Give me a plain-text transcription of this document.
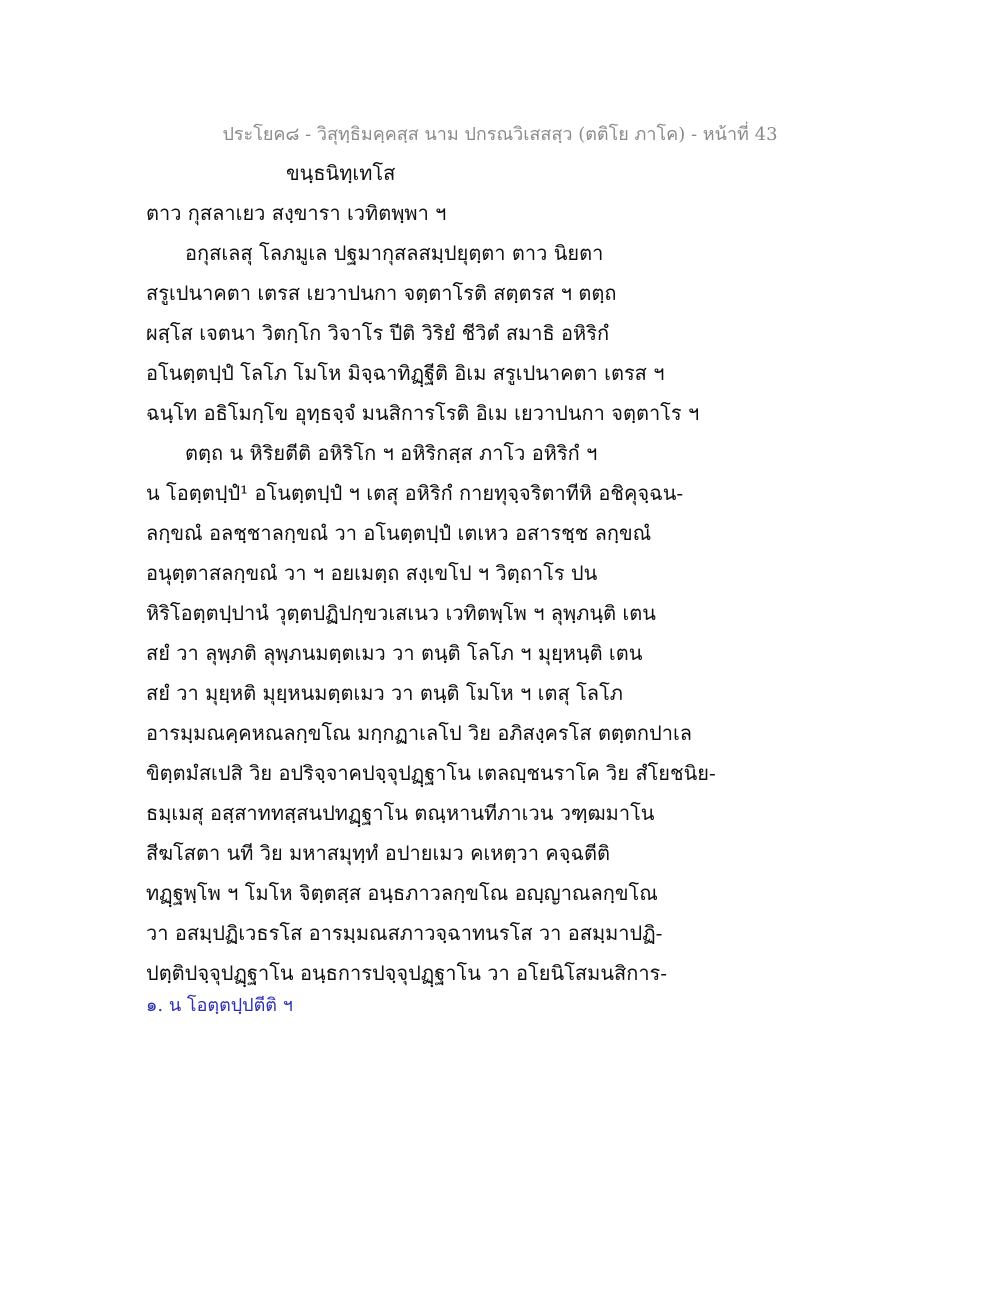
ประโยค๘ - วิสุทฺธิมคฺคสฺส นาม ปกรณวิเสสสฺว (ตติโย ภาโค) - หน้าที่ 43
ขนฺธนิทฺเทโส
ตาว กุสลาเยว สงฺขารา เวทิตพฺพา ฯ
อกุสเลสุ โลภมูเล ปฐมากุสลสมฺปยุตฺตา ตาว นิยตา
สรูเปนาคตา เตรส เยวาปนกา จตฺตาโรติ สตฺตรส ฯ ตตฺถ
ผสฺโส เจตนา วิตกฺโก วิจาโร ปีติ วิริยํ ชีวิตํ สมาธิ อหิริกํ
อโนตฺตปฺปํ โลโภ โมโห มิจฺฉาทิฏฺฐีติ อิเม สรูเปนาคตา เตรส ฯ
ฉนฺโท อธิโมกฺโข อุทฺธจฺจํ มนสิการโรติ อิเม เยวาปนกา จตฺตาโร ฯ
ตตฺถ น หิริยตีติ อหิริโก ฯ อหิริกสฺส ภาโว อหิริกํ ฯ
น โอตฺตปฺปํ¹ อโนตฺตปฺปํ ฯ เตสุ อหิริกํ กายทุจฺจริตาทีหิ อชิคุจฺฉน-
ลกฺขณํ อลชฺชาลกฺขณํ วา อโนตฺตปฺปํ เตเหว อสารชฺช ลกฺขณํ
อนุตฺตาสลกฺขณํ วา ฯ อยเมตฺถ สงฺเขโป ฯ วิตฺถาโร ปน
หิริโอตฺตปฺปานํ วุตฺตปฏิปกฺขวเสเนว เวทิตพฺโพ ฯ ลุพฺภนฺติ เตน
สยํ วา ลุพฺภติ ลุพฺภนมตฺตเมว วา ตนฺติ โลโภ ฯ มุยฺหนฺติ เตน
สยํ วา มุยฺหติ มุยฺหนมตฺตเมว วา ตนฺติ โมโห ฯ เตสุ โลโภ
อารมฺมณคฺคหณลกฺขโณ มกฺกฏาเลโป วิย อภิสงฺครโส ตตฺตกปาเล
ขิตฺตมํสเปสิ วิย อปริจฺจาคปจฺจุปฏฺฐาโน เตลญฺชนราโค วิย สํโยชนิย-
ธมฺเมสุ อสฺสาททสฺสนปทฏฺฐาโน ตณฺหานทีภาเวน วฑฺฒมาโน
สีฆโสตา นที วิย มหาสมุทฺทํ อปายเมว คเหตฺวา คจฺฉตีติ
ทฏฺฐพฺโพ ฯ โมโห จิตฺตสฺส อนฺธภาวลกฺขโณ อญฺญาณลกฺขโณ
วา อสมฺปฏิเวธรโส อารมฺมณสภาวจฺฉาทนรโส วา อสมฺมาปฏิ-
ปตฺติปจฺจุปฏฺฐาโน อนฺธการปจฺจุปฏฺฐาโน วา อโยนิโสมนสิการ-
๑. น โอตฺตปฺปตีติ ฯ
